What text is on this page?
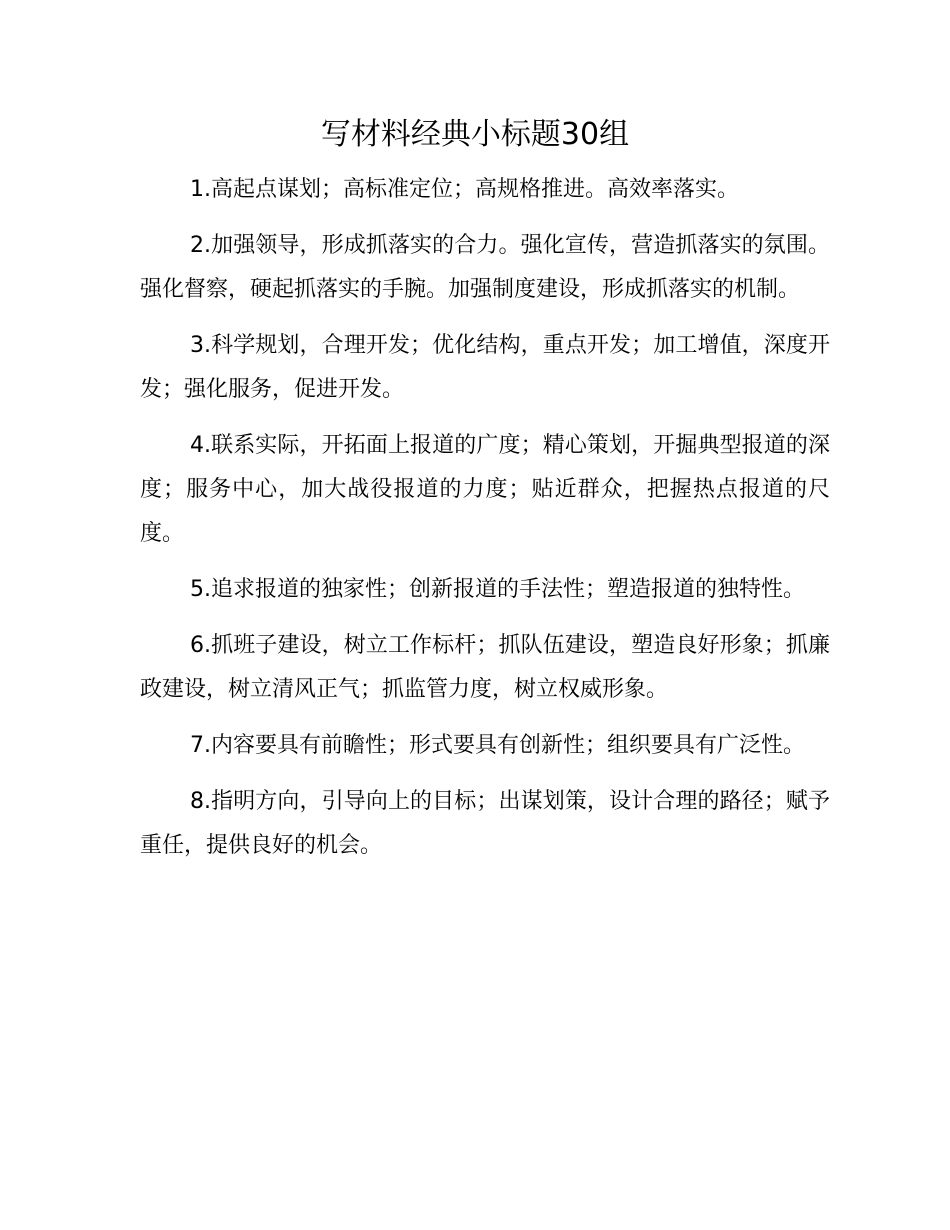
写材料经典小标题30组

1.高起点谋划；高标准定位；高规格推进。高效率落实。

2.加强领导，形成抓落实的合力。强化宣传，营造抓落实的氛围。强化督察，硬起抓落实的手腕。加强制度建设，形成抓落实的机制。

3.科学规划，合理开发；优化结构，重点开发；加工增值，深度开发；强化服务，促进开发。

4.联系实际，开拓面上报道的广度；精心策划，开掘典型报道的深度；服务中心，加大战役报道的力度；贴近群众，把握热点报道的尺度。

5.追求报道的独家性；创新报道的手法性；塑造报道的独特性。

6.抓班子建设，树立工作标杆；抓队伍建设，塑造良好形象；抓廉政建设，树立清风正气；抓监管力度，树立权威形象。

7.内容要具有前瞻性；形式要具有创新性；组织要具有广泛性。

8.指明方向，引导向上的目标；出谋划策，设计合理的路径；赋予重任，提供良好的机会。
